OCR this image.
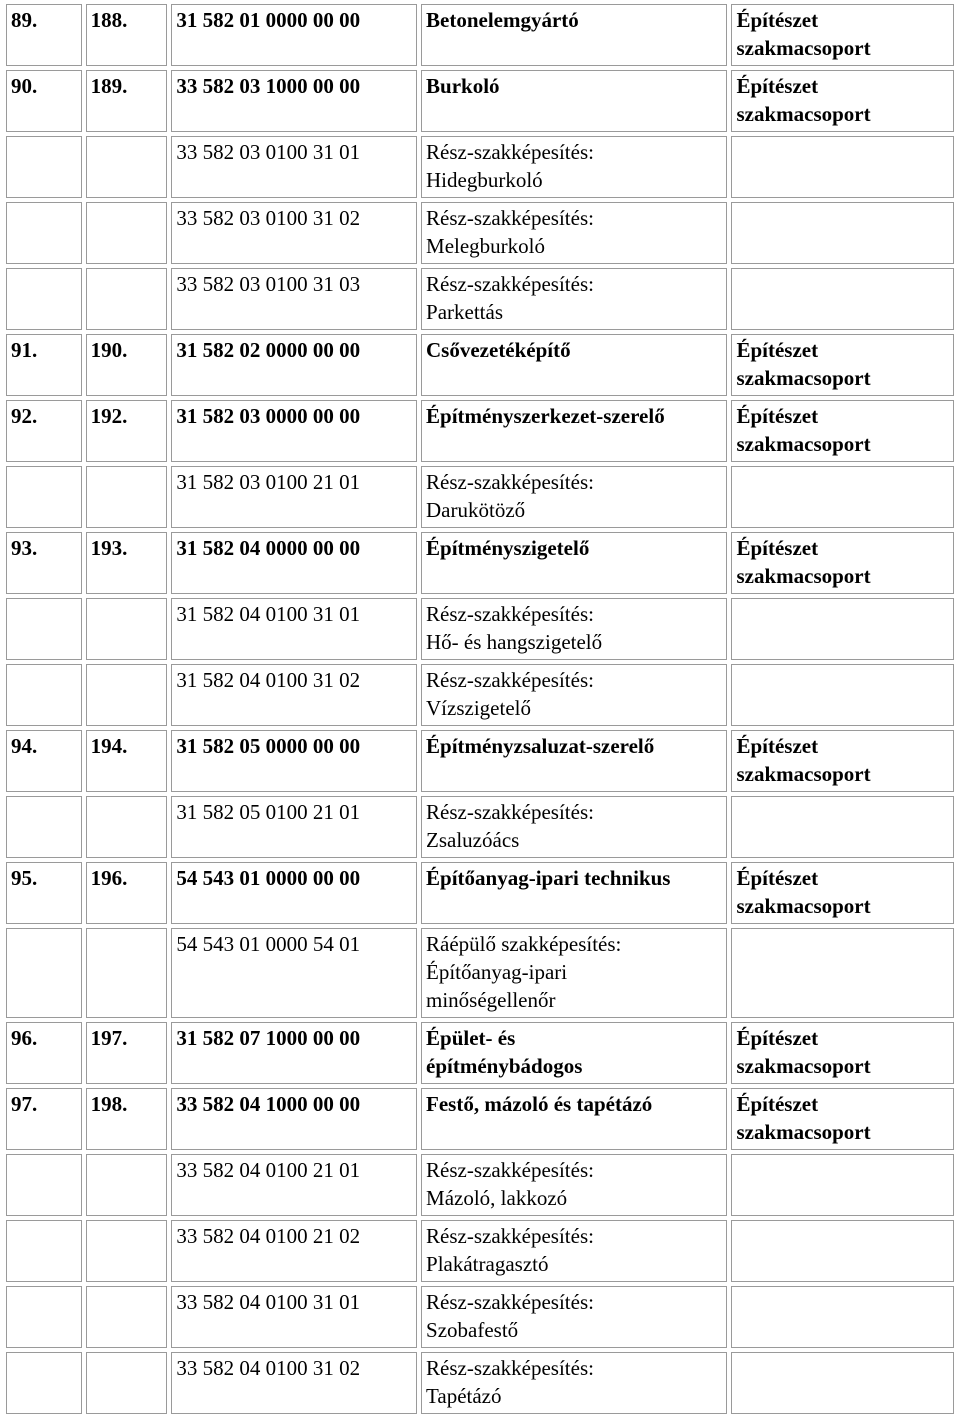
89.	188.	31 582 01 0000 00 00	Betonelemgyártó	Építészet
szakmacsoport

90.	189.	33 582 03 1000 00 00	Burkoló	Építészet
szakmacsoport

		33 582 03 0100 31 01	Rész-szakképesítés:
Hidegburkoló	

		33 582 03 0100 31 02	Rész-szakképesítés:
Melegburkoló	

		33 582 03 0100 31 03	Rész-szakképesítés:
Parkettás	

91.	190.	31 582 02 0000 00 00	Csővezetéképítő	Építészet
szakmacsoport

92.	192.	31 582 03 0000 00 00	Építményszerkezet-szerelő	Építészet
szakmacsoport

		31 582 03 0100 21 01	Rész-szakképesítés:
Darukötöző	

93.	193.	31 582 04 0000 00 00	Építményszigetelő	Építészet
szakmacsoport

		31 582 04 0100 31 01	Rész-szakképesítés:
Hő- és hangszigetelő	

		31 582 04 0100 31 02	Rész-szakképesítés:
Vízszigetelő	

94.	194.	31 582 05 0000 00 00	Építményzsaluzat-szerelő	Építészet
szakmacsoport

		31 582 05 0100 21 01	Rész-szakképesítés:
Zsaluzóács	

95.	196.	54 543 01 0000 00 00	Építőanyag-ipari technikus	Építészet
szakmacsoport

		54 543 01 0000 54 01	Ráépülő szakképesítés:
Építőanyag-ipari
minőségellenőr	

96.	197.	31 582 07 1000 00 00	Épület- és
építménybádogos	Építészet
szakmacsoport

97.	198.	33 582 04 1000 00 00	Festő, mázoló és tapétázó	Építészet
szakmacsoport

		33 582 04 0100 21 01	Rész-szakképesítés:
Mázoló, lakkozó	

		33 582 04 0100 21 02	Rész-szakképesítés:
Plakátragasztó	

		33 582 04 0100 31 01	Rész-szakképesítés:
Szobafestő	

		33 582 04 0100 31 02	Rész-szakképesítés:
Tapétázó	
